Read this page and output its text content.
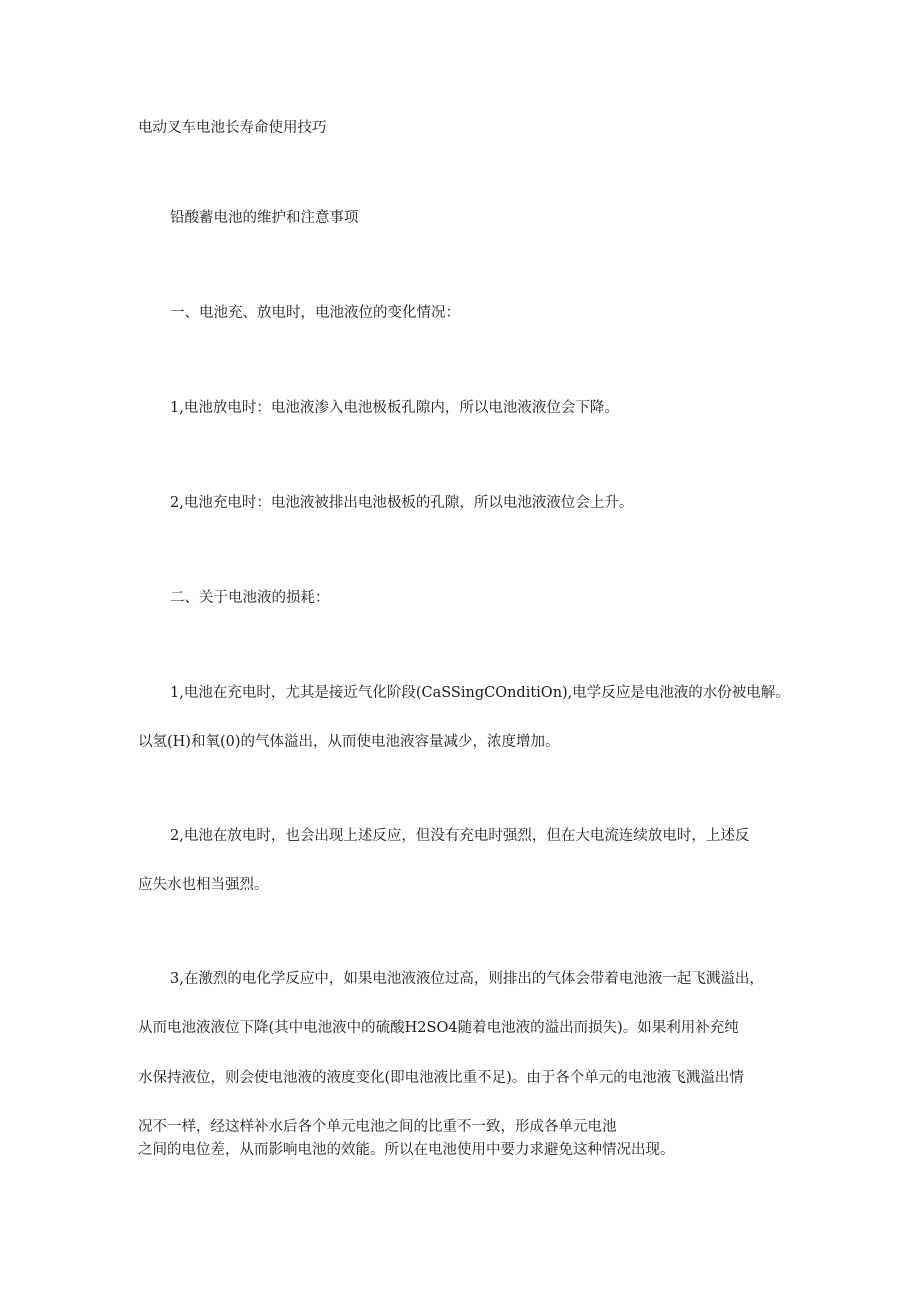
电动叉车电池长寿命使用技巧
铅酸蓄电池的维护和注意事项
一、电池充、放电时，电池液位的变化情况：
1,电池放电时：电池液渗入电池极板孔隙内，所以电池液液位会下降。
2,电池充电时：电池液被排出电池极板的孔隙，所以电池液液位会上升。
二、关于电池液的损耗：
1,电池在充电时，尤其是接近气化阶段(CaSSingCOnditiOn),电学反应是电池液的水份被电解。
以氢(H)和氧(0)的气体溢出，从而使电池液容量减少，浓度增加。
2,电池在放电时，也会出现上述反应，但没有充电时强烈，但在大电流连续放电时，上述反
应失水也相当强烈。
3,在激烈的电化学反应中，如果电池液液位过高，则排出的气体会带着电池液一起飞溅溢出，
从而电池液液位下降(其中电池液中的硫酸H2SO4随着电池液的溢出而损失)。如果利用补充纯
水保持液位，则会使电池液的液度变化(即电池液比重不足)。由于各个单元的电池液飞溅溢出情
况不一样，经这样补水后各个单元电池之间的比重不一致，形成各单元电池
之间的电位差，从而影响电池的效能。所以在电池使用中要力求避免这种情况出现。
